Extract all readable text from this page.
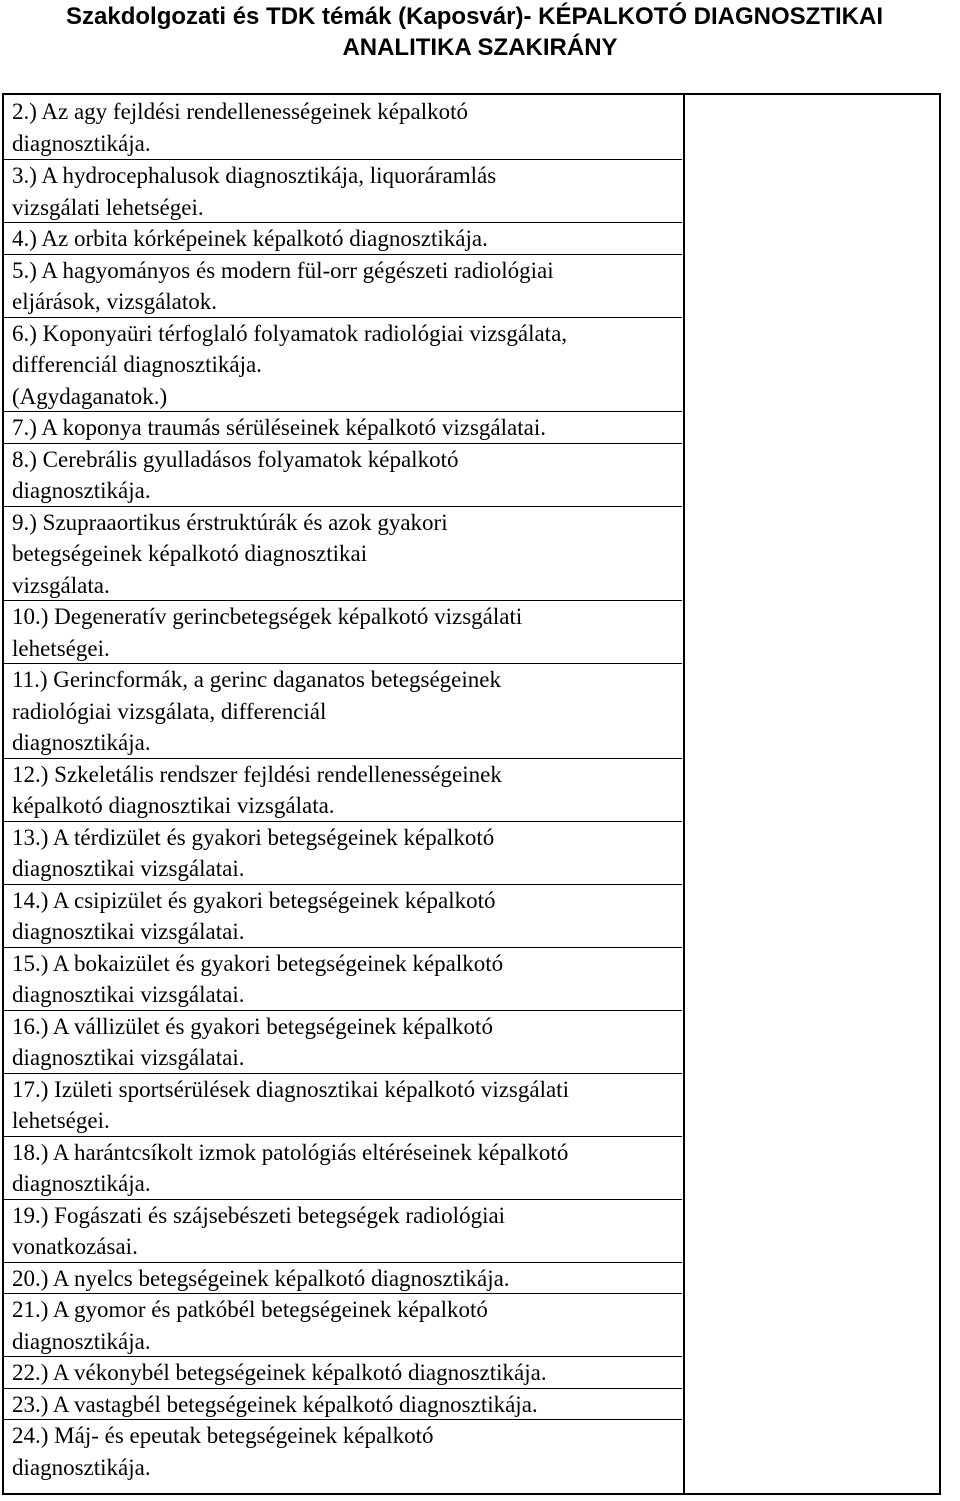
Szakdolgozati és TDK témák (Kaposvár)- KÉPALKOTÓ DIAGNOSZTIKAI
ANALITIKA SZAKIRÁNY
2.) Az agy fejldési rendellenességeinek képalkotó
diagnosztikája.
3.) A hydrocephalusok diagnosztikája, liquoráramlás
vizsgálati lehetségei.
4.) Az orbita kórképeinek képalkotó diagnosztikája.
5.) A hagyományos és modern fül-orr gégészeti radiológiai
eljárások, vizsgálatok.
6.) Koponyaüri térfoglaló folyamatok radiológiai vizsgálata,
differenciál diagnosztikája.
(Agydaganatok.)
7.) A koponya traumás sérüléseinek képalkotó vizsgálatai.
8.) Cerebrális gyulladásos folyamatok képalkotó
diagnosztikája.
9.) Szupraaortikus érstruktúrák és azok gyakori
betegségeinek képalkotó diagnosztikai
vizsgálata.
10.) Degeneratív gerincbetegségek képalkotó vizsgálati
lehetségei.
11.) Gerincformák, a gerinc daganatos betegségeinek
radiológiai vizsgálata, differenciál
diagnosztikája.
12.) Szkeletális rendszer fejldési rendellenességeinek
képalkotó diagnosztikai vizsgálata.
13.) A térdizület és gyakori betegségeinek képalkotó
diagnosztikai vizsgálatai.
14.) A csipizület és gyakori betegségeinek képalkotó
diagnosztikai vizsgálatai.
15.) A bokaizület és gyakori betegségeinek képalkotó
diagnosztikai vizsgálatai.
16.) A vállizület és gyakori betegségeinek képalkotó
diagnosztikai vizsgálatai.
17.) Izületi sportsérülések diagnosztikai képalkotó vizsgálati
lehetségei.
18.) A harántcsíkolt izmok patológiás eltéréseinek képalkotó
diagnosztikája.
19.) Fogászati és szájsebészeti betegségek radiológiai
vonatkozásai.
20.) A nyelcs betegségeinek képalkotó diagnosztikája.
21.) A gyomor és patkóbél betegségeinek képalkotó
diagnosztikája.
22.) A vékonybél betegségeinek képalkotó diagnosztikája.
23.) A vastagbél betegségeinek képalkotó diagnosztikája.
24.) Máj- és epeutak betegségeinek képalkotó
diagnosztikája.
